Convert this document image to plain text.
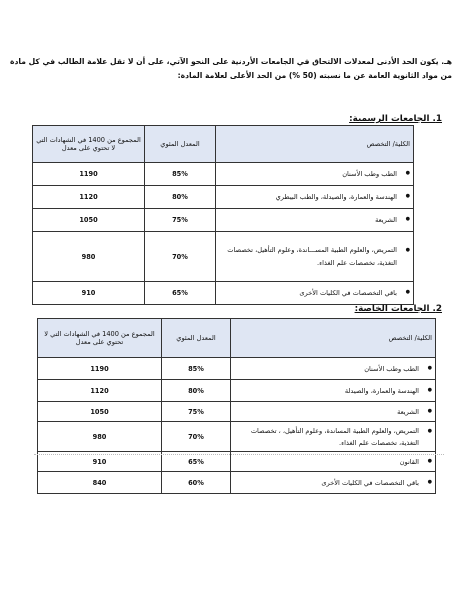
هـ. يكون الحد الأدنى لمعدلات الالتحاق في الجامعات الأردنية على النحو الآتي، على أن لا تقل علامة الطالب في كل مادة من مواد الثانوية العامة عن ما نسبته (50 %) من الحد الأعلى لعلامة المادة:

1. الجامعات الرسمية:
الكلية/ التخصص	المعدل المئوي	المجموع من 1400 في الشهادات التي لا تحتوي على معدل

● الطب وطب الأسنان	85%	1190

● الهندسة والعمارة، والصيدلة، والطب البيطري	80%	1120

● الشريعة	75%	1050

● التمريض، والعلوم الطبية المســـاندة، وعلوم التأهيل، تخصصات التغذية، تخصصات علم الغذاء.	70%	980

● باقي التخصصات في الكليات الأخرى	65%	910
2. الجامعات الخاصة:
الكلية/ التخصص	المعدل المئوي	المجموع من 1400 في الشهادات التي لا تحتوي على معدل

● الطب وطب الأسنان	85%	1190

● الهندسة والعمارة، والصيدلة	80%	1120

● الشريعة	75%	1050

● التمريض، والعلوم الطبية المساندة، وعلوم التأهيل، ، تخصصات التغذية، تخصصات علم الغذاء.	70%	980

● القانون	65%	910

● باقي التخصصات في الكليات الأخرى	60%	840
